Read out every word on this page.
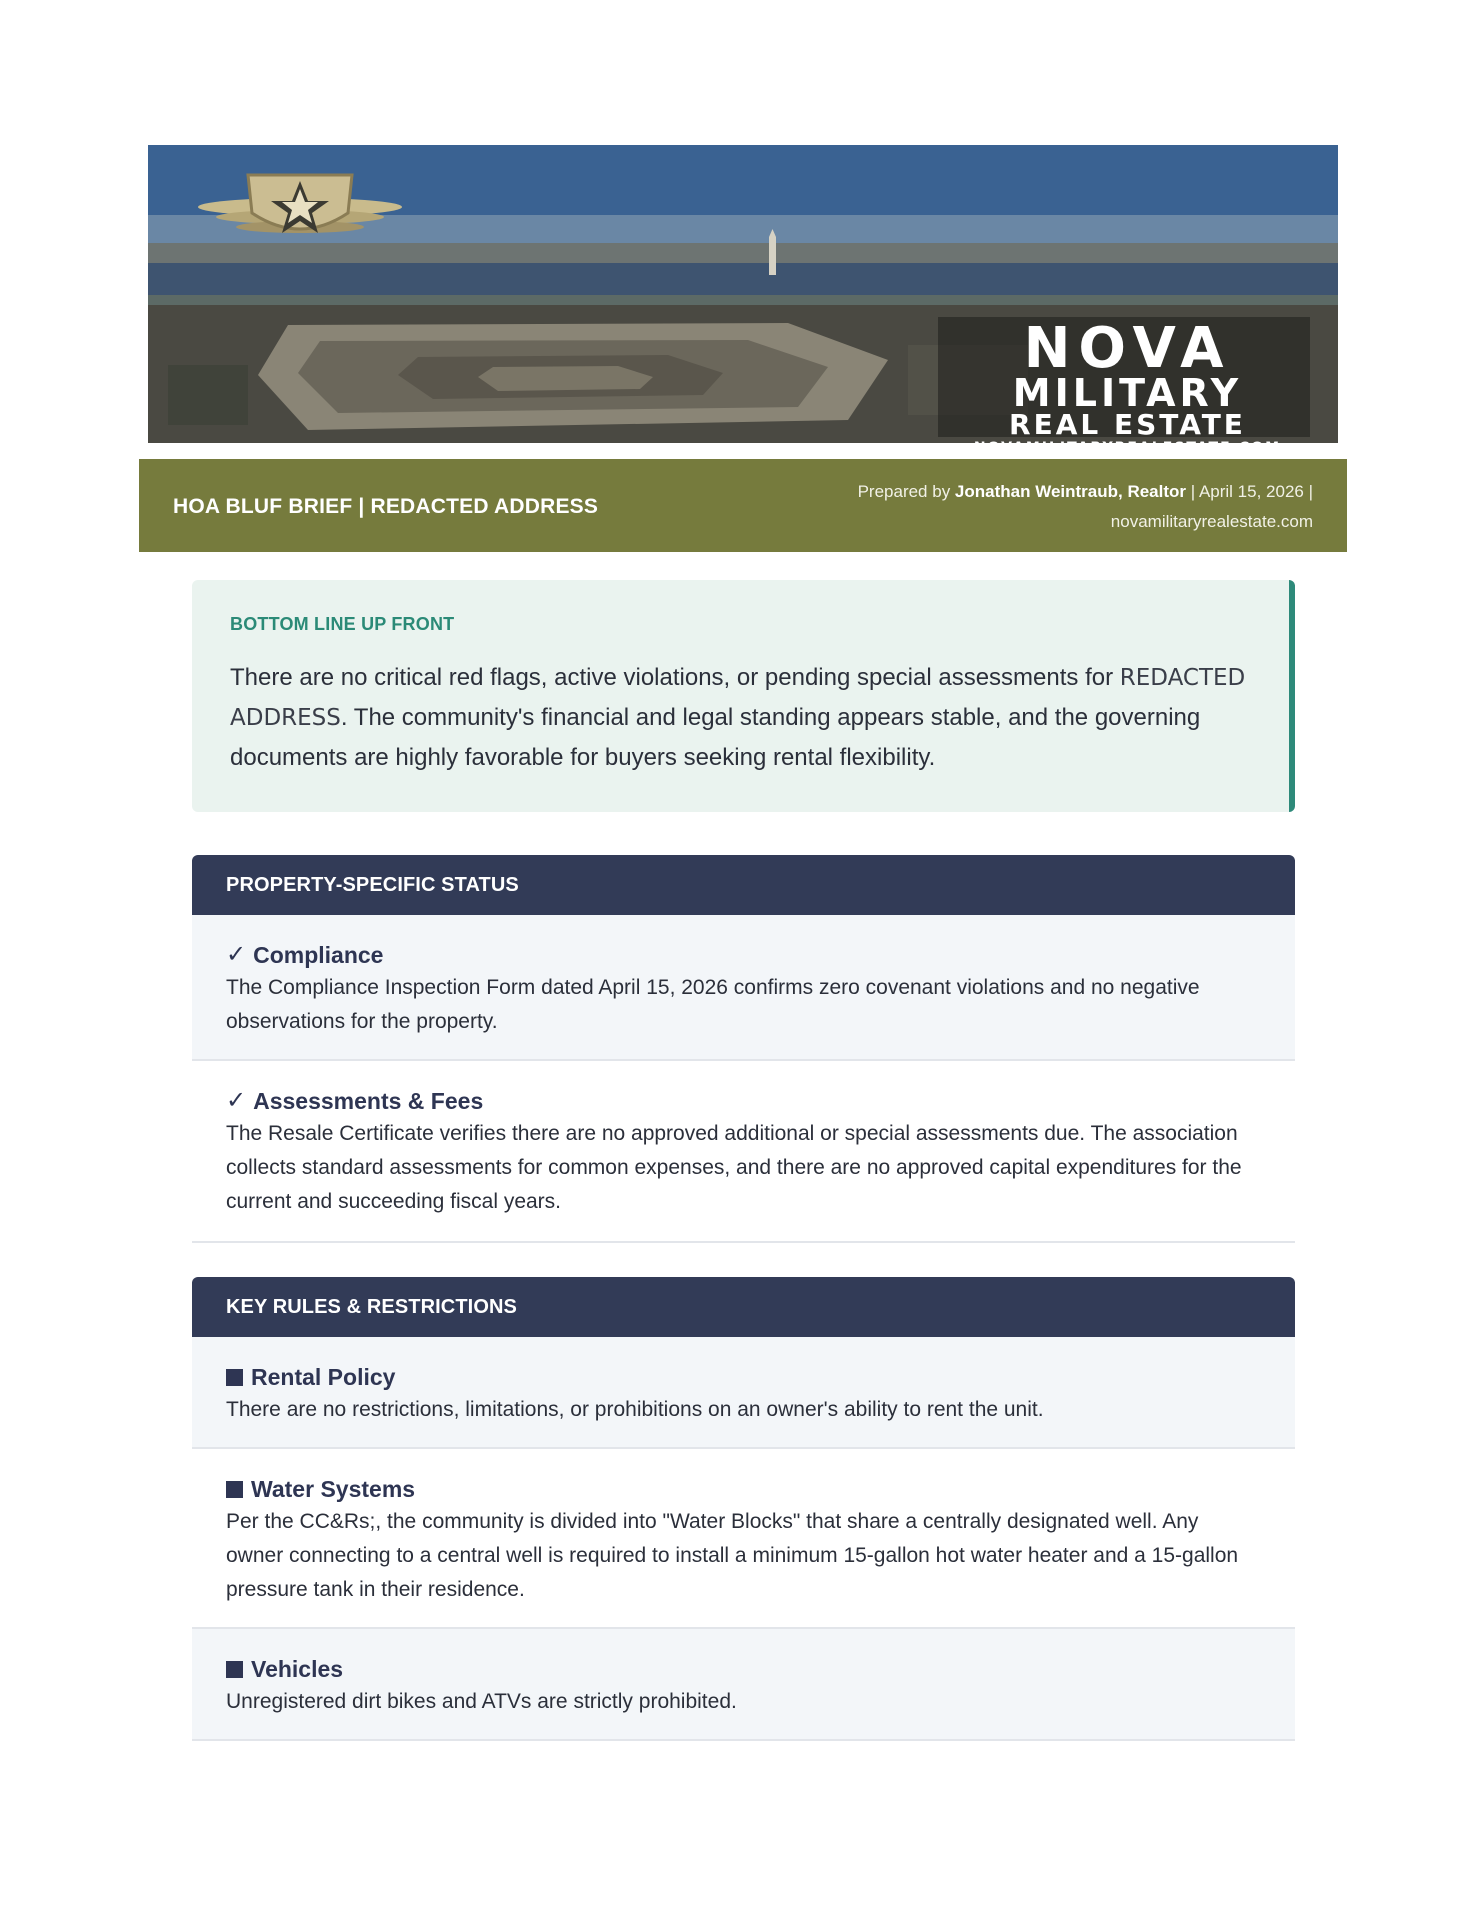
NOVA
MILITARY
REAL ESTATE
NOVAMILITARYREALESTATE.COM
HOA BLUF BRIEF | REDACTED ADDRESS
Prepared by Jonathan Weintraub, Realtor | April 15, 2026 |
novamilitaryrealestate.com
BOTTOM LINE UP FRONT
There are no critical red flags, active violations, or pending special assessments for REDACTED ADDRESS. The community's financial and legal standing appears stable, and the governing documents are highly favorable for buyers seeking rental flexibility.
PROPERTY-SPECIFIC STATUS
✓ Compliance
The Compliance Inspection Form dated April 15, 2026 confirms zero covenant violations and no negative observations for the property.
✓ Assessments & Fees
The Resale Certificate verifies there are no approved additional or special assessments due. The association collects standard assessments for common expenses, and there are no approved capital expenditures for the current and succeeding fiscal years.
KEY RULES & RESTRICTIONS
Rental Policy
There are no restrictions, limitations, or prohibitions on an owner's ability to rent the unit.
Water Systems
Per the CC&Rs;, the community is divided into "Water Blocks" that share a centrally designated well. Any owner connecting to a central well is required to install a minimum 15-gallon hot water heater and a 15-gallon pressure tank in their residence.
Vehicles
Unregistered dirt bikes and ATVs are strictly prohibited.
